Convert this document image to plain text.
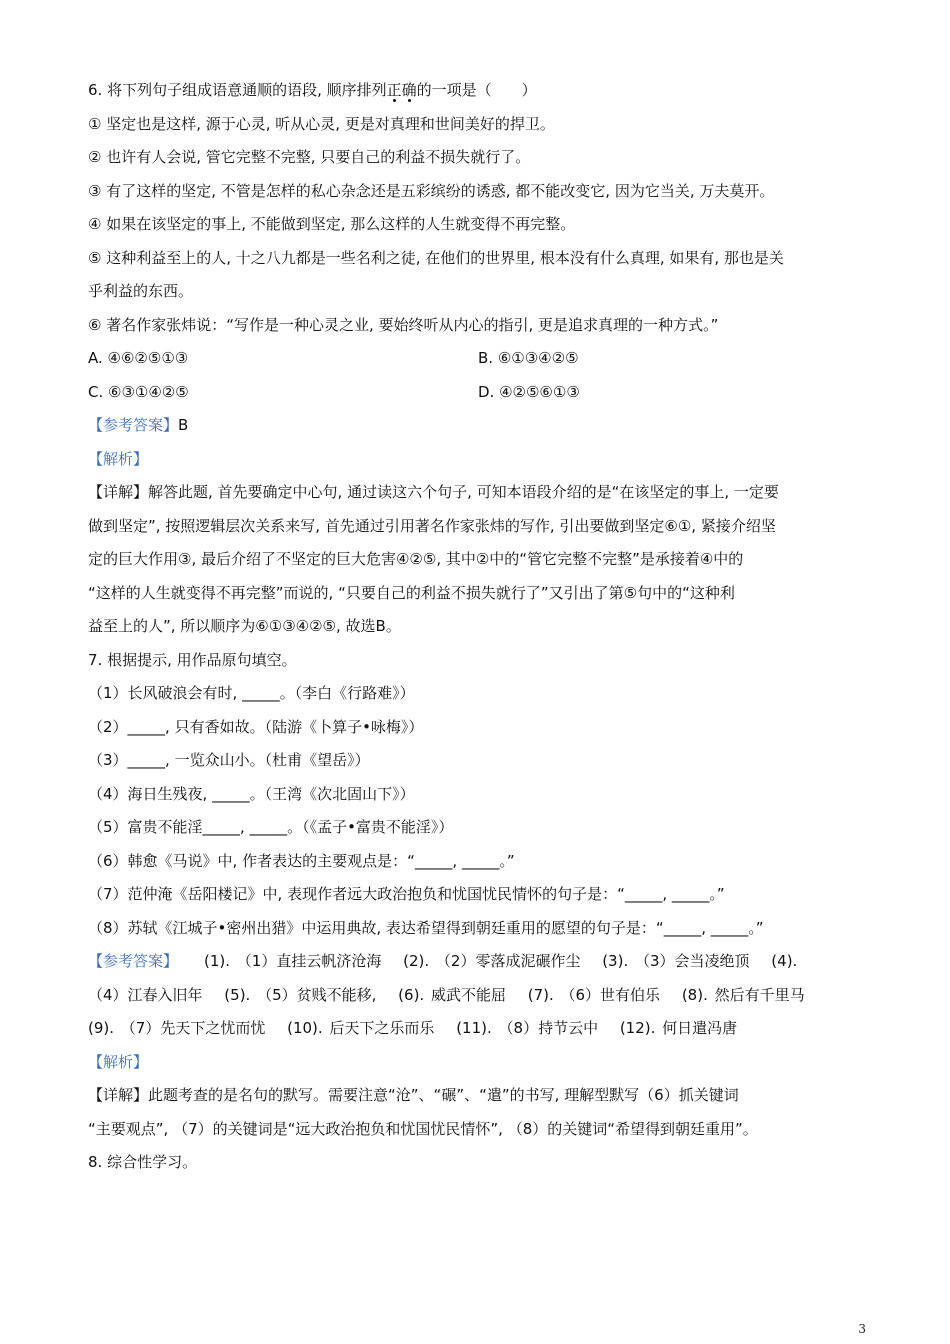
6. 将下列句子组成语意通顺的语段, 顺序排列正确的一项是（　　）
① 坚定也是这样, 源于心灵, 听从心灵, 更是对真理和世间美好的捍卫。
② 也许有人会说, 管它完整不完整, 只要自己的利益不损失就行了。
③ 有了这样的坚定, 不管是怎样的私心杂念还是五彩缤纷的诱惑, 都不能改变它, 因为它当关, 万夫莫开。
④ 如果在该坚定的事上, 不能做到坚定, 那么这样的人生就变得不再完整。
⑤ 这种利益至上的人, 十之八九都是一些名利之徒, 在他们的世界里, 根本没有什么真理, 如果有, 那也是关
乎利益的东西。
⑥ 著名作家张炜说：“写作是一种心灵之业, 要始终听从内心的指引, 更是追求真理的一种方式。”
A. ④⑥②⑤①③	B. ⑥①③④②⑤
C. ⑥③①④②⑤	D. ④②⑤⑥①③
【参考答案】B
【解析】
【详解】解答此题, 首先要确定中心句, 通过读这六个句子, 可知本语段介绍的是“在该坚定的事上, 一定要
做到坚定”, 按照逻辑层次关系来写, 首先通过引用著名作家张炜的写作, 引出要做到坚定⑥①, 紧接介绍坚
定的巨大作用③, 最后介绍了不坚定的巨大危害④②⑤, 其中②中的“管它完整不完整”是承接着④中的
“这样的人生就变得不再完整”而说的, “只要自己的利益不损失就行了”又引出了第⑤句中的“这种利
益至上的人”, 所以顺序为⑥①③④②⑤, 故选B。
7. 根据提示, 用作品原句填空。
（1）长风破浪会有时, _____。（李白《行路难》）
（2）_____, 只有香如故。（陆游《卜算子•咏梅》）
（3）_____, 一览众山小。（杜甫《望岳》）
（4）海日生残夜, _____。（王湾《次北固山下》）
（5）富贵不能淫_____, _____。（《孟子•富贵不能淫》）
（6）韩愈《马说》中, 作者表达的主要观点是：“_____, _____。”
（7）范仲淹《岳阳楼记》中, 表现作者远大政治抱负和忧国忧民情怀的句子是：“_____, _____。”
（8）苏轼《江城子•密州出猎》中运用典故, 表达希望得到朝廷重用的愿望的句子是：“_____, _____。”
【参考答案】 (1). （1）直挂云帆济沧海　 (2). （2）零落成泥碾作尘　 (3). （3）会当凌绝顶　 (4).
（4）江春入旧年　 (5). （5）贫贱不能移,　 (6). 威武不能屈　 (7). （6）世有伯乐　 (8). 然后有千里马
(9). （7）先天下之忧而忧　 (10). 后天下之乐而乐　 (11). （8）持节云中　 (12). 何日遣冯唐
【解析】
【详解】此题考查的是名句的默写。需要注意“沧”、“碾”、“遣”的书写, 理解型默写（6）抓关键词
“主要观点”, （7）的关键词是“远大政治抱负和忧国忧民情怀”, （8）的关键词“希望得到朝廷重用”。
8. 综合性学习。
3
